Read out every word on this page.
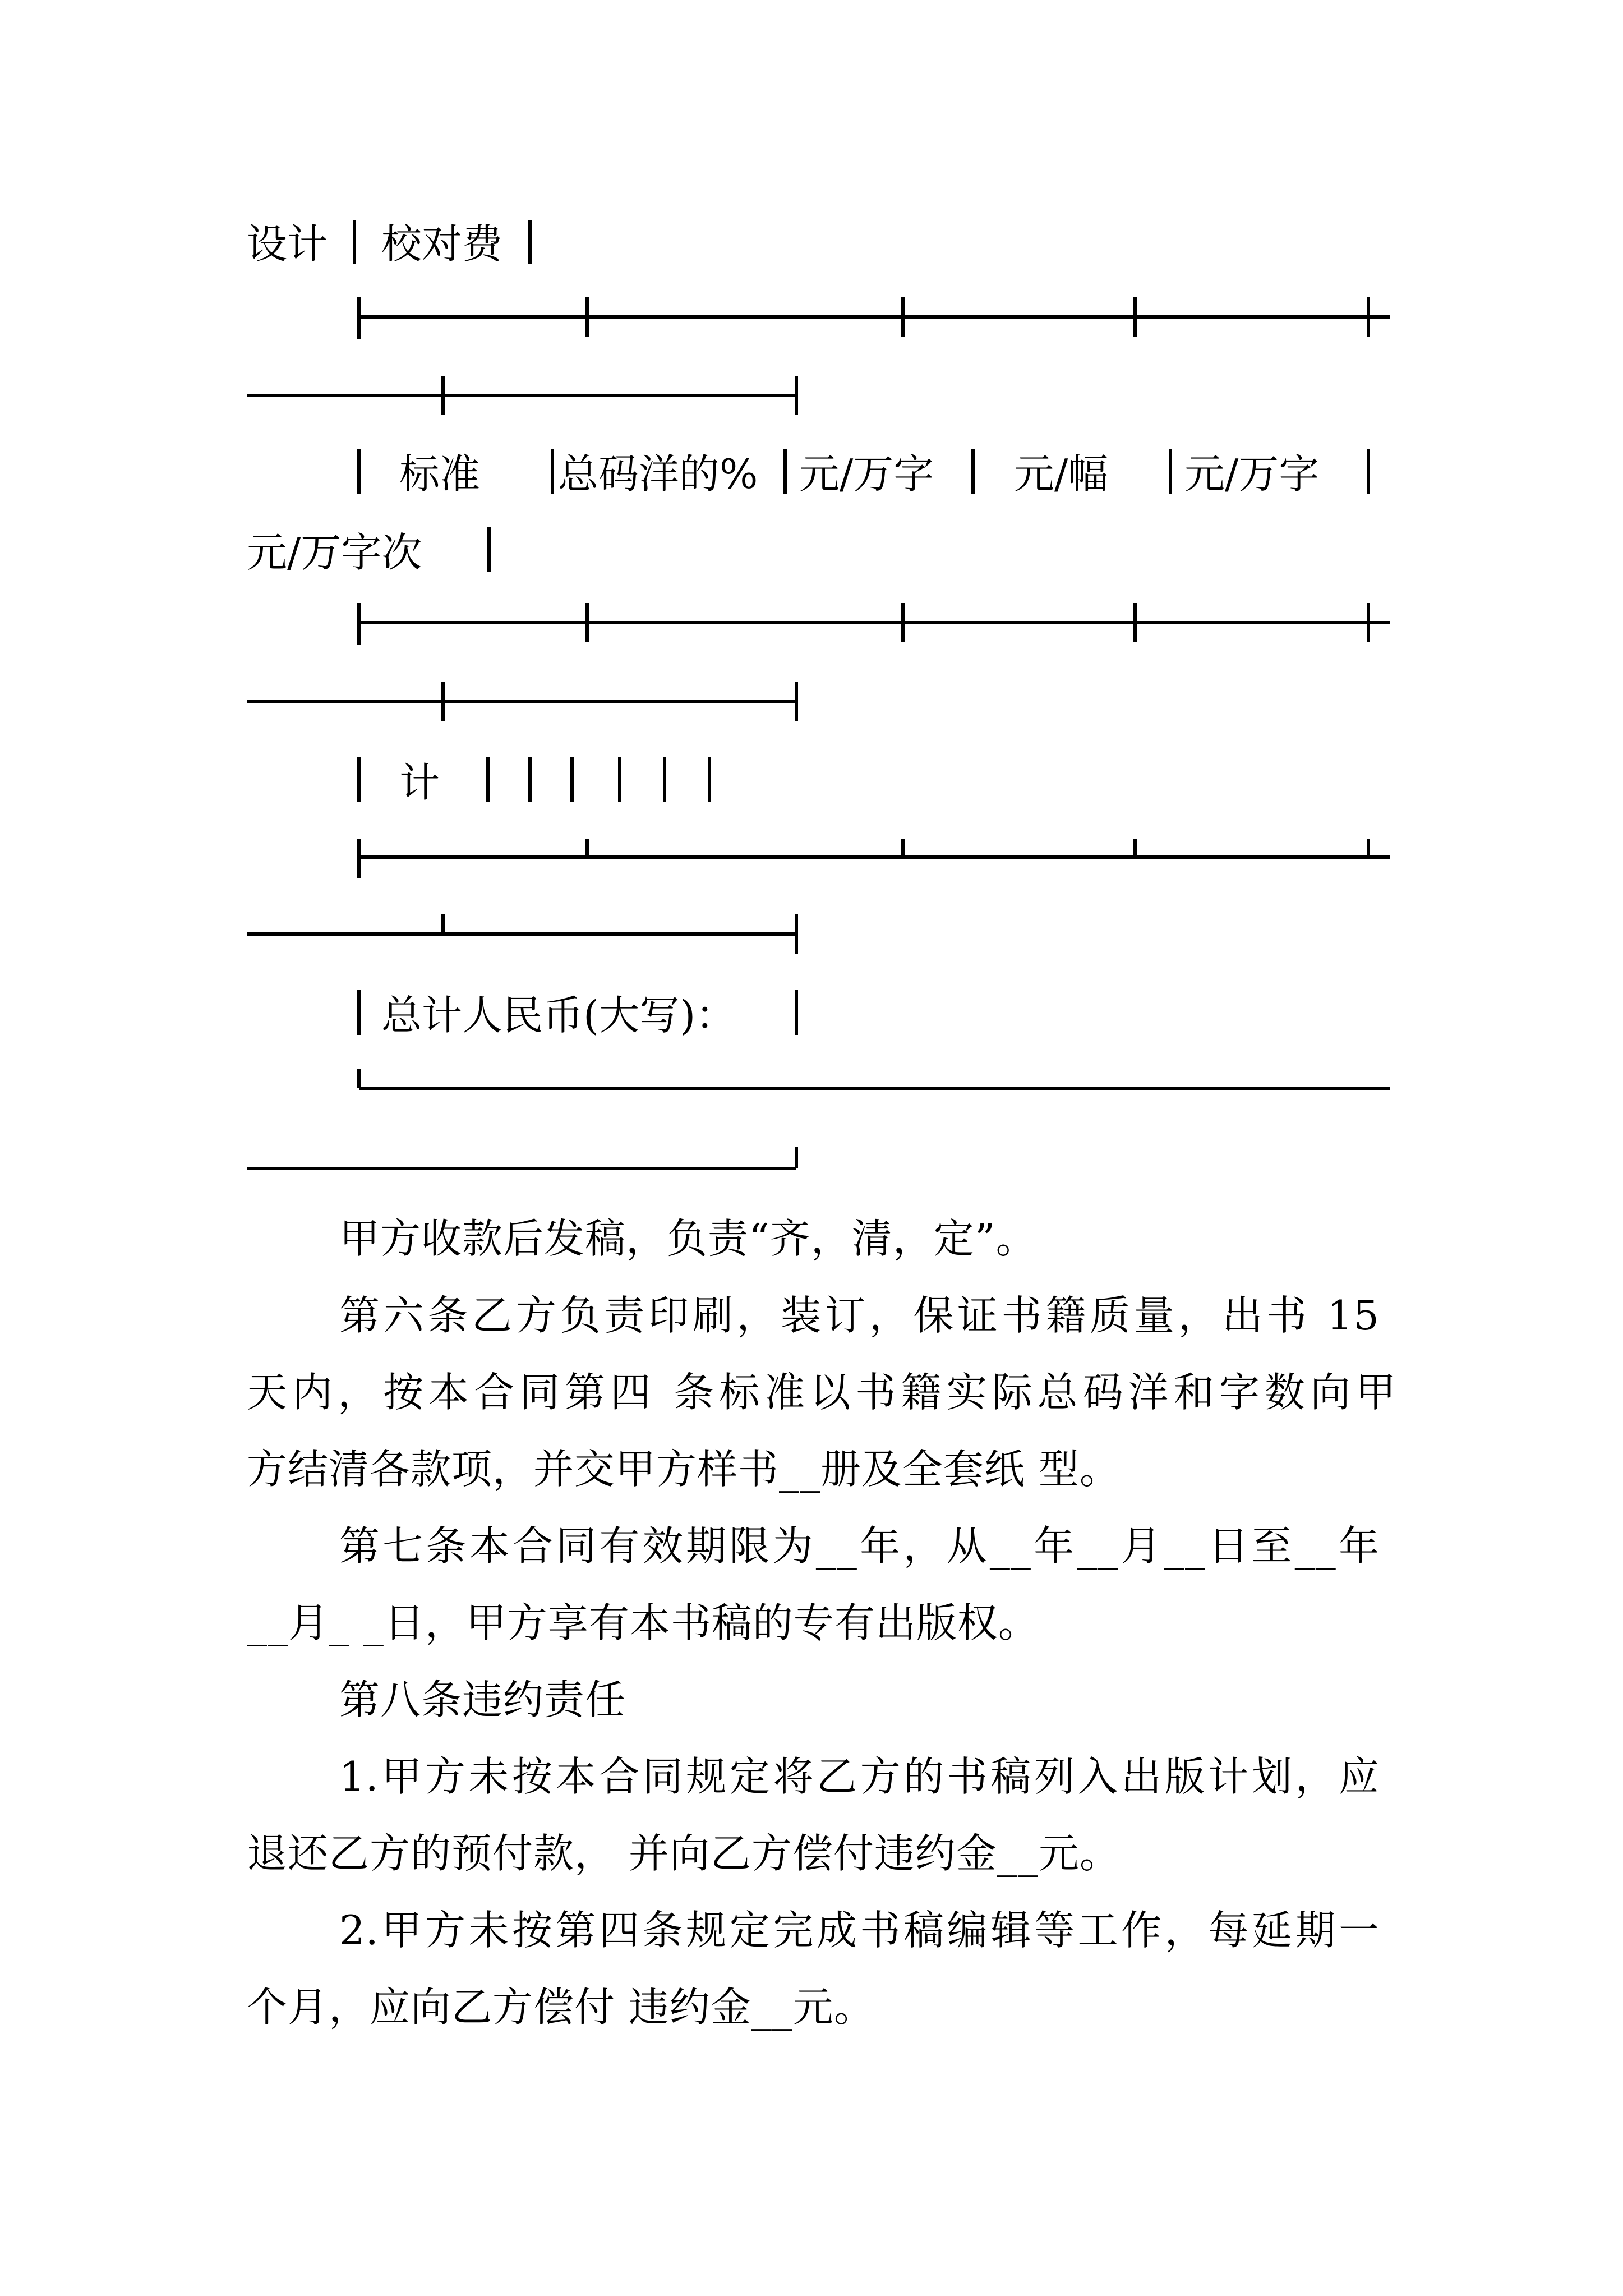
设计 校对费
标准 总码洋的% 元/万字 元/幅 元/万字
元/万字次
计
总计人民币(大写)：
甲方收款后发稿，负责“齐，清，定”。
第六条乙方负责印刷，装订，保证书籍质量，出书 15
天内，按本合同第四 条标准以书籍实际总码洋和字数向甲
方结清各款项，并交甲方样书__册及全套纸 型。
第七条本合同有效期限为__年，从__年__月__日至__年
__月_ _日，甲方享有本书稿的专有出版权。
第八条违约责任
1.甲方未按本合同规定将乙方的书稿列入出版计划，应
退还乙方的预付款， 并向乙方偿付违约金__元。
2.甲方未按第四条规定完成书稿编辑等工作，每延期一
个月，应向乙方偿付 违约金__元。
